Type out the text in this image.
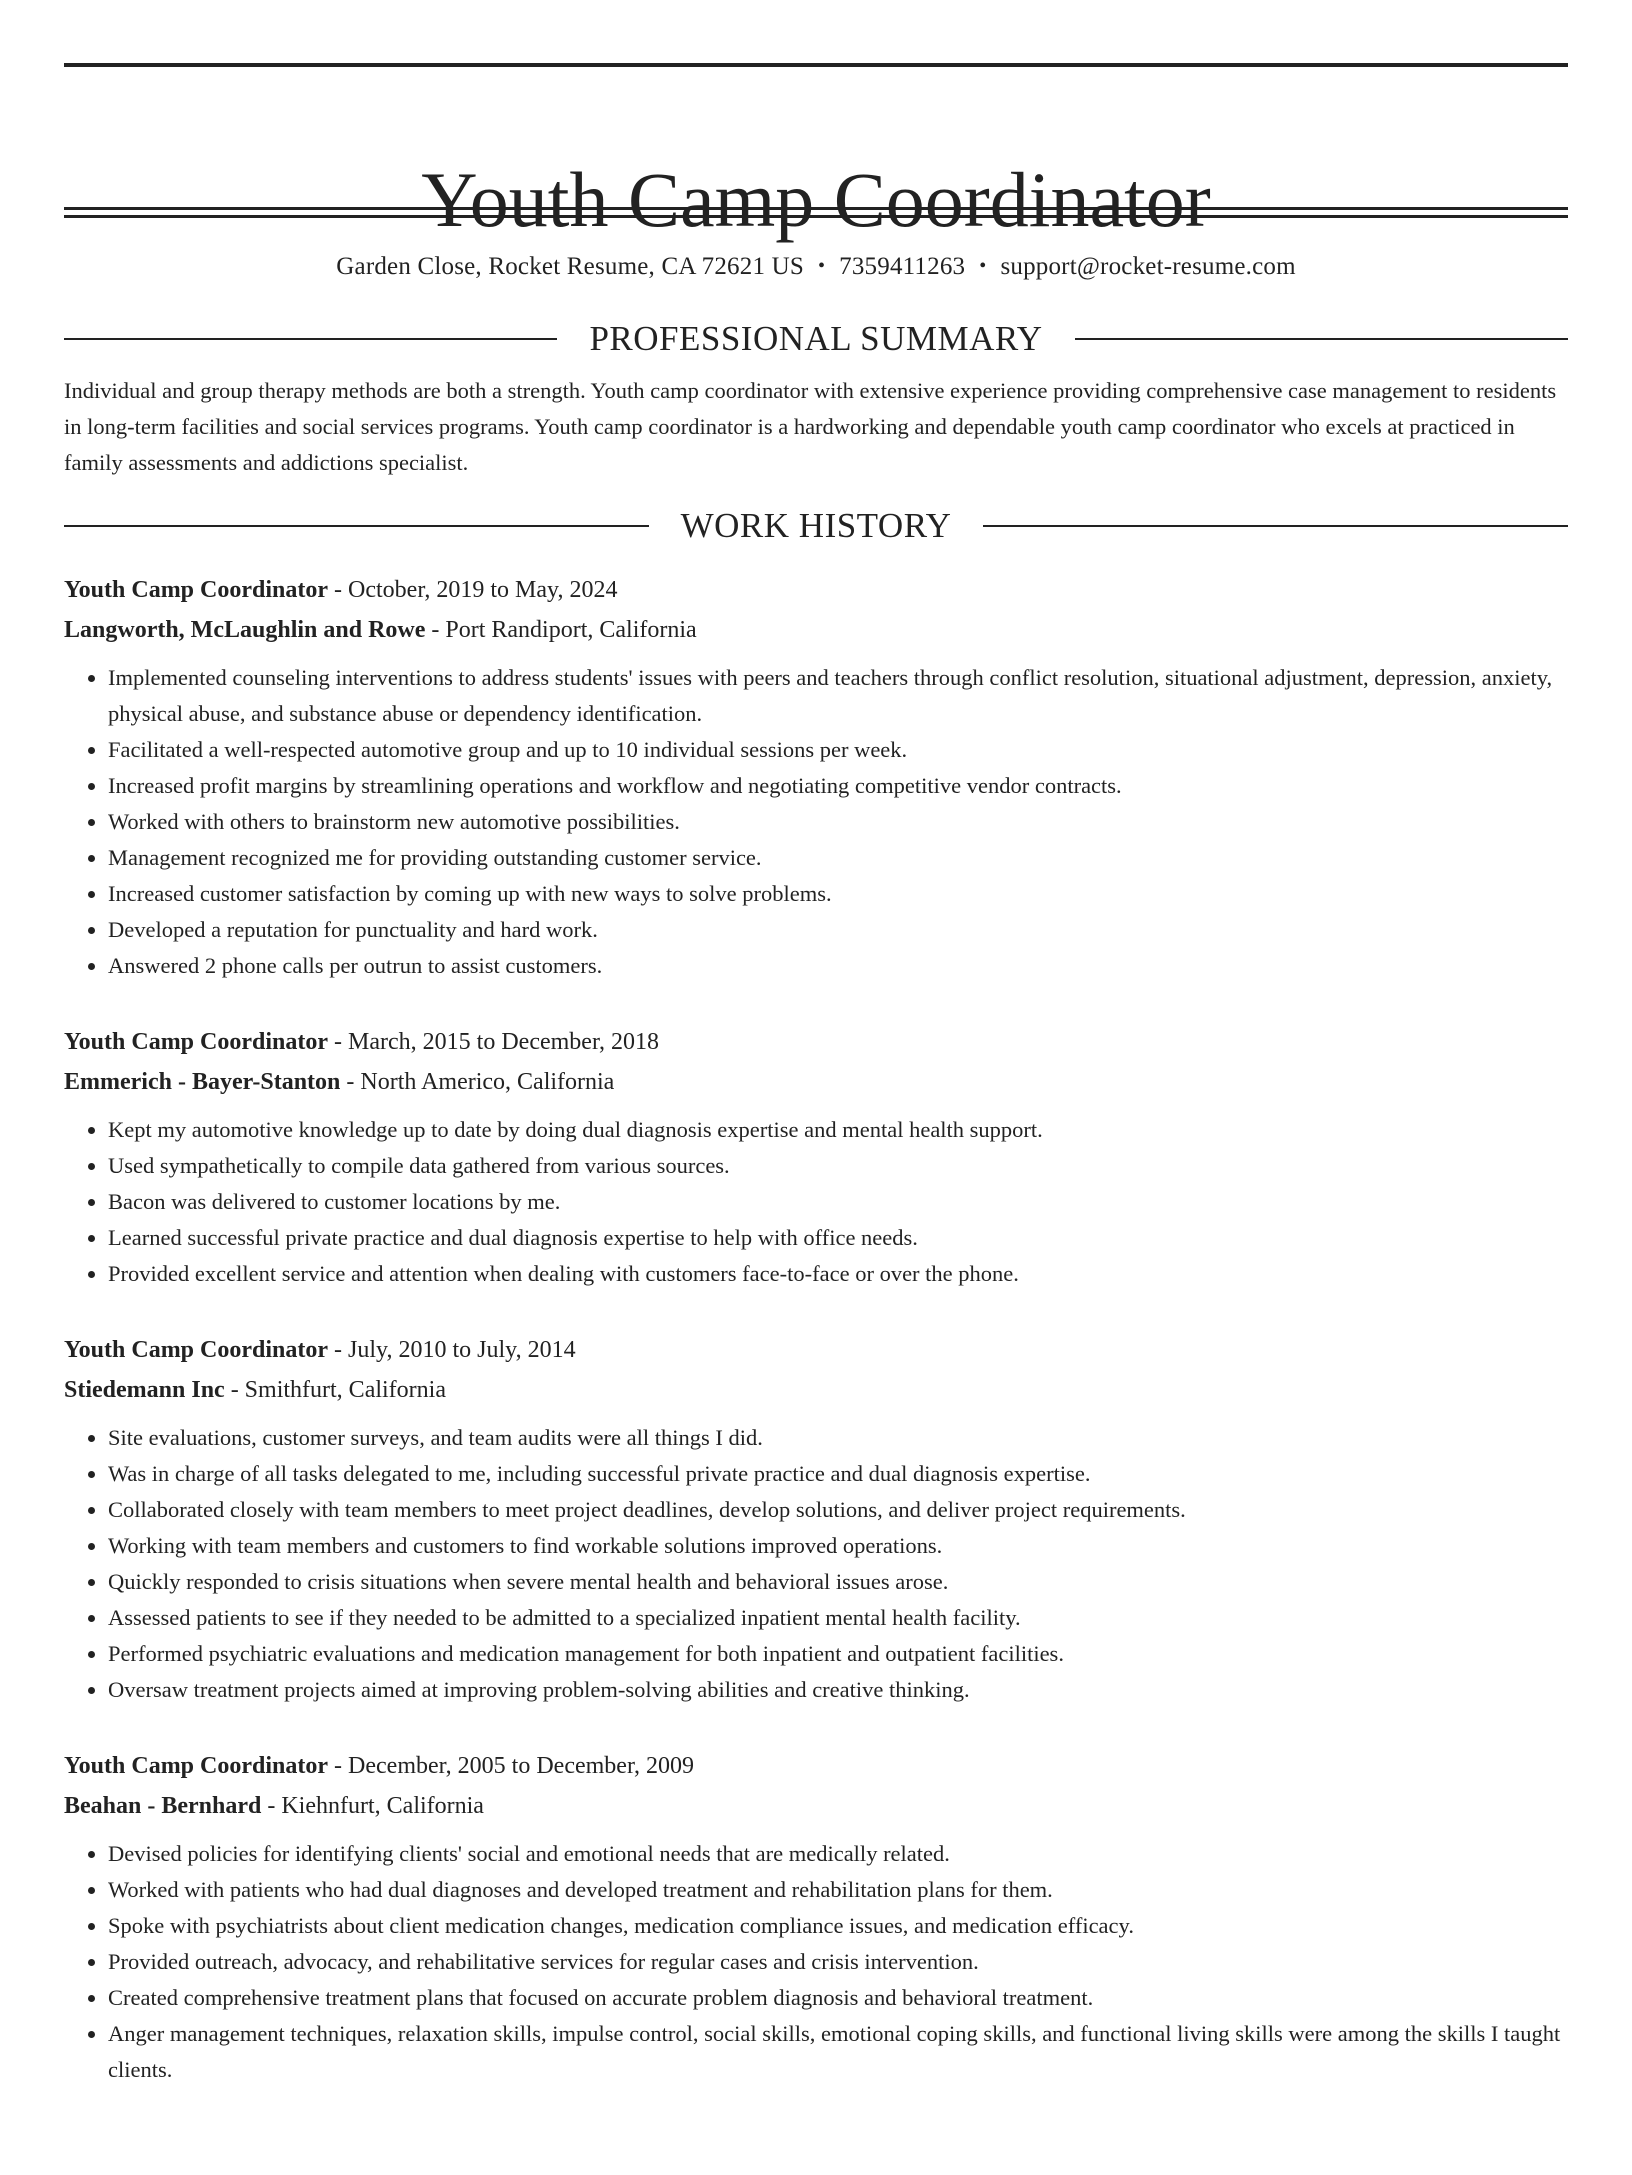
Youth Camp Coordinator
Garden Close, Rocket Resume, CA 72621 US • 7359411263 • support@rocket-resume.com
PROFESSIONAL SUMMARY

Individual and group therapy methods are both a strength. Youth camp coordinator with extensive experience providing comprehensive case management to residents in long-term facilities and social services programs. Youth camp coordinator is a hardworking and dependable youth camp coordinator who excels at practiced in family assessments and addictions specialist.

WORK HISTORY
Youth Camp Coordinator - October, 2019 to May, 2024
Langworth, McLaughlin and Rowe - Port Randiport, California
• Implemented counseling interventions to address students' issues with peers and teachers through conflict resolution, situational adjustment, depression, anxiety, physical abuse, and substance abuse or dependency identification.
• Facilitated a well-respected automotive group and up to 10 individual sessions per week.
• Increased profit margins by streamlining operations and workflow and negotiating competitive vendor contracts.
• Worked with others to brainstorm new automotive possibilities.
• Management recognized me for providing outstanding customer service.
• Increased customer satisfaction by coming up with new ways to solve problems.
• Developed a reputation for punctuality and hard work.
• Answered 2 phone calls per outrun to assist customers.
Youth Camp Coordinator - March, 2015 to December, 2018
Emmerich - Bayer-Stanton - North Americo, California
• Kept my automotive knowledge up to date by doing dual diagnosis expertise and mental health support.
• Used sympathetically to compile data gathered from various sources.
• Bacon was delivered to customer locations by me.
• Learned successful private practice and dual diagnosis expertise to help with office needs.
• Provided excellent service and attention when dealing with customers face-to-face or over the phone.
Youth Camp Coordinator - July, 2010 to July, 2014
Stiedemann Inc - Smithfurt, California
• Site evaluations, customer surveys, and team audits were all things I did.
• Was in charge of all tasks delegated to me, including successful private practice and dual diagnosis expertise.
• Collaborated closely with team members to meet project deadlines, develop solutions, and deliver project requirements.
• Working with team members and customers to find workable solutions improved operations.
• Quickly responded to crisis situations when severe mental health and behavioral issues arose.
• Assessed patients to see if they needed to be admitted to a specialized inpatient mental health facility.
• Performed psychiatric evaluations and medication management for both inpatient and outpatient facilities.
• Oversaw treatment projects aimed at improving problem-solving abilities and creative thinking.
Youth Camp Coordinator - December, 2005 to December, 2009
Beahan - Bernhard - Kiehnfurt, California
• Devised policies for identifying clients' social and emotional needs that are medically related.
• Worked with patients who had dual diagnoses and developed treatment and rehabilitation plans for them.
• Spoke with psychiatrists about client medication changes, medication compliance issues, and medication efficacy.
• Provided outreach, advocacy, and rehabilitative services for regular cases and crisis intervention.
• Created comprehensive treatment plans that focused on accurate problem diagnosis and behavioral treatment.
• Anger management techniques, relaxation skills, impulse control, social skills, emotional coping skills, and functional living skills were among the skills I taught clients.
